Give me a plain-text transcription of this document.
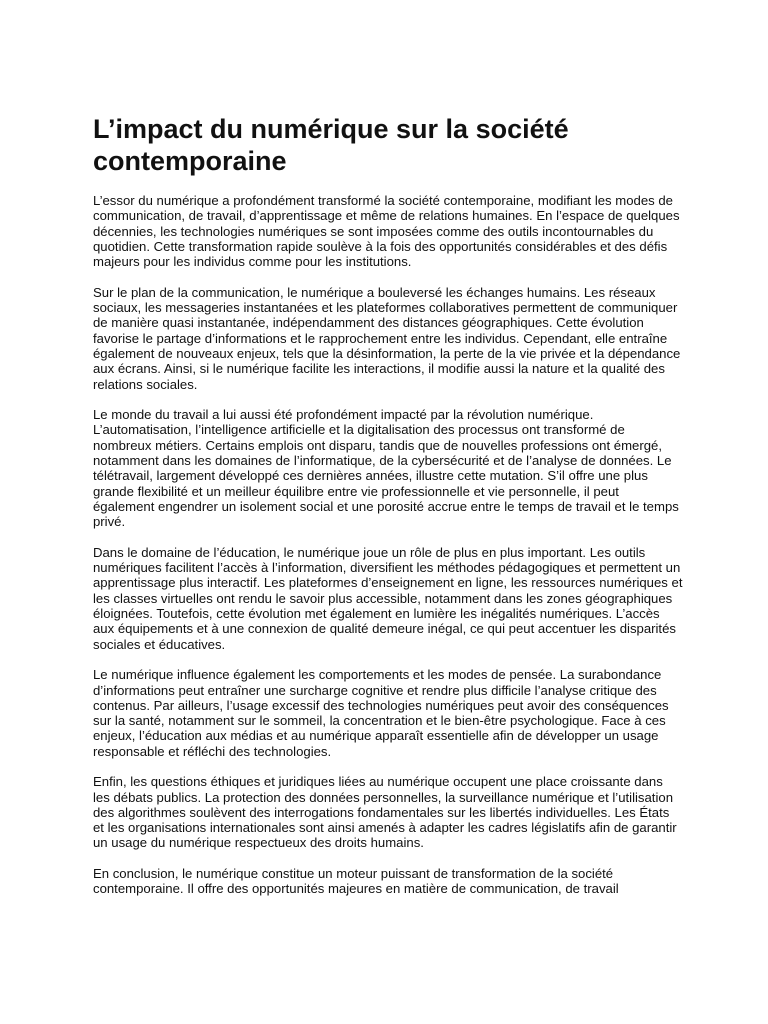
L’impact du numérique sur la société contemporaine

L’essor du numérique a profondément transformé la société contemporaine, modifiant les modes de communication, de travail, d’apprentissage et même de relations humaines. En l’espace de quelques décennies, les technologies numériques se sont imposées comme des outils incontournables du quotidien. Cette transformation rapide soulève à la fois des opportunités considérables et des défis majeurs pour les individus comme pour les institutions.

Sur le plan de la communication, le numérique a bouleversé les échanges humains. Les réseaux sociaux, les messageries instantanées et les plateformes collaboratives permettent de communiquer de manière quasi instantanée, indépendamment des distances géographiques. Cette évolution favorise le partage d’informations et le rapprochement entre les individus. Cependant, elle entraîne également de nouveaux enjeux, tels que la désinformation, la perte de la vie privée et la dépendance aux écrans. Ainsi, si le numérique facilite les interactions, il modifie aussi la nature et la qualité des relations sociales.

Le monde du travail a lui aussi été profondément impacté par la révolution numérique. L’automatisation, l’intelligence artificielle et la digitalisation des processus ont transformé de nombreux métiers. Certains emplois ont disparu, tandis que de nouvelles professions ont émergé, notamment dans les domaines de l’informatique, de la cybersécurité et de l’analyse de données. Le télétravail, largement développé ces dernières années, illustre cette mutation. S’il offre une plus grande flexibilité et un meilleur équilibre entre vie professionnelle et vie personnelle, il peut également engendrer un isolement social et une porosité accrue entre le temps de travail et le temps privé.

Dans le domaine de l’éducation, le numérique joue un rôle de plus en plus important. Les outils numériques facilitent l’accès à l’information, diversifient les méthodes pédagogiques et permettent un apprentissage plus interactif. Les plateformes d’enseignement en ligne, les ressources numériques et les classes virtuelles ont rendu le savoir plus accessible, notamment dans les zones géographiques éloignées. Toutefois, cette évolution met également en lumière les inégalités numériques. L’accès aux équipements et à une connexion de qualité demeure inégal, ce qui peut accentuer les disparités sociales et éducatives.

Le numérique influence également les comportements et les modes de pensée. La surabondance d’informations peut entraîner une surcharge cognitive et rendre plus difficile l’analyse critique des contenus. Par ailleurs, l’usage excessif des technologies numériques peut avoir des conséquences sur la santé, notamment sur le sommeil, la concentration et le bien-être psychologique. Face à ces enjeux, l’éducation aux médias et au numérique apparaît essentielle afin de développer un usage responsable et réfléchi des technologies.

Enfin, les questions éthiques et juridiques liées au numérique occupent une place croissante dans les débats publics. La protection des données personnelles, la surveillance numérique et l’utilisation des algorithmes soulèvent des interrogations fondamentales sur les libertés individuelles. Les États et les organisations internationales sont ainsi amenés à adapter les cadres législatifs afin de garantir un usage du numérique respectueux des droits humains.

En conclusion, le numérique constitue un moteur puissant de transformation de la société contemporaine. Il offre des opportunités majeures en matière de communication, de travail
